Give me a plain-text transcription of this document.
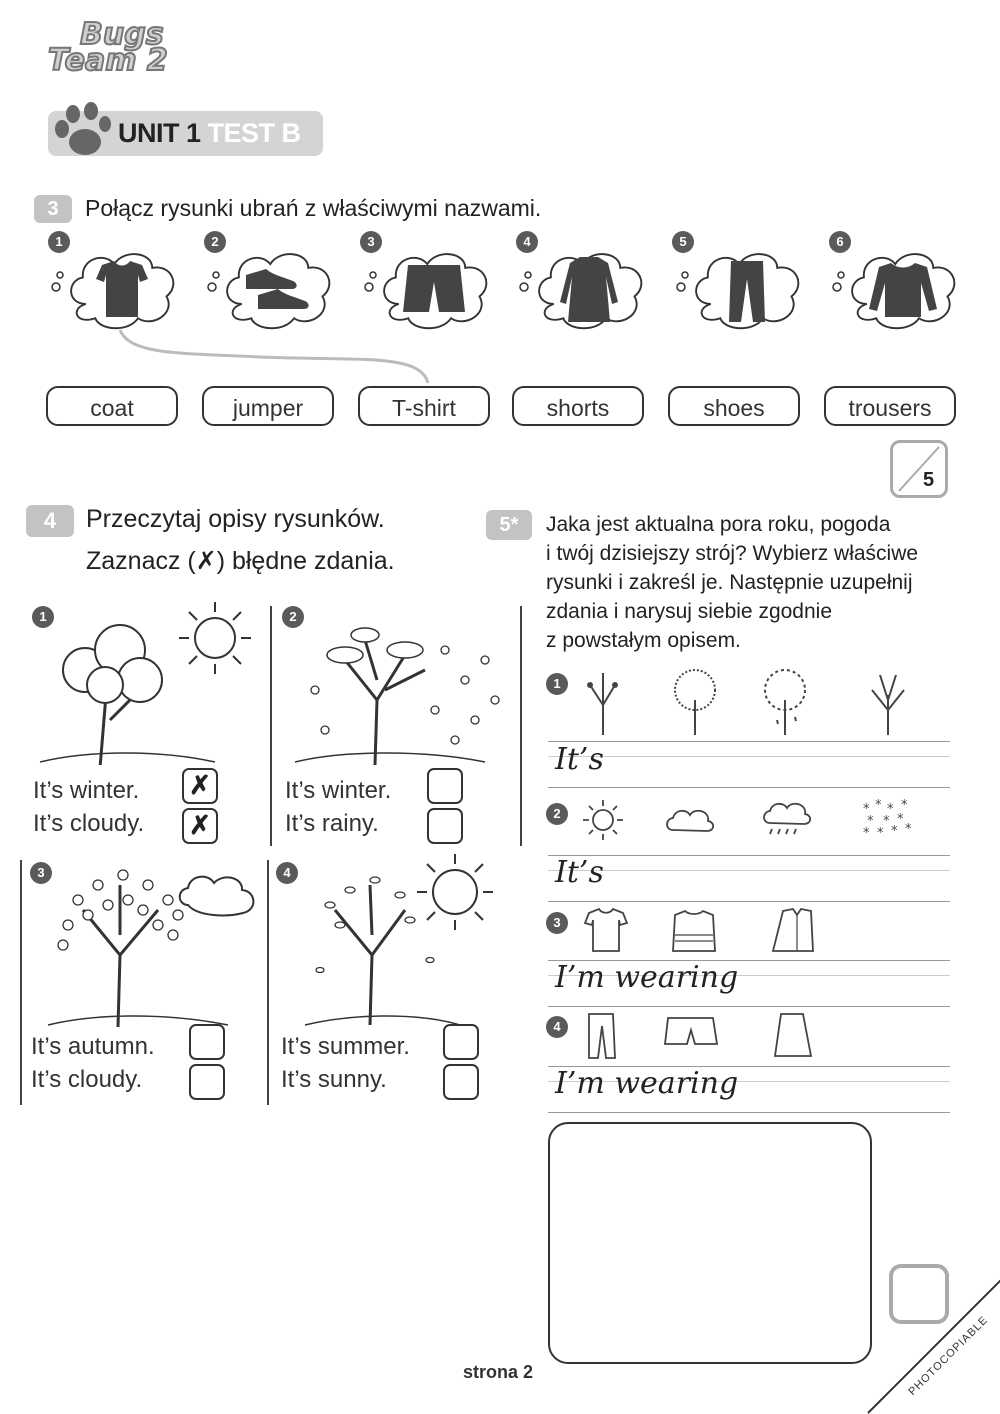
Bugs
Team 2
UNIT 1 TEST B
3	Połącz rysunki ubrań z właściwymi nazwami.
1	2	3	4	5	6
coat	jumper	T-shirt	shorts	shoes	trousers
5
4	Przeczytaj opisy rysunków.
Zaznacz (✗) błędne zdania.
1
It’s winter.
It’s cloudy.
✗
✗
2
It’s winter.
It’s rainy.
3
It’s autumn.
It’s cloudy.
4
It’s summer.
It’s sunny.
5*	Jaka jest aktualna pora roku, pogoda
i twój dzisiejszy strój? Wybierz właściwe
rysunki i zakreśl je. Następnie uzupełnij
zdania i narysuj siebie zgodnie
z powstałym opisem.
1
It’s
2	* * * *
* * *
* * * *
It’s
3
I’m wearing
4
I’m wearing
strona 2	PHOTOCOPIABLE
